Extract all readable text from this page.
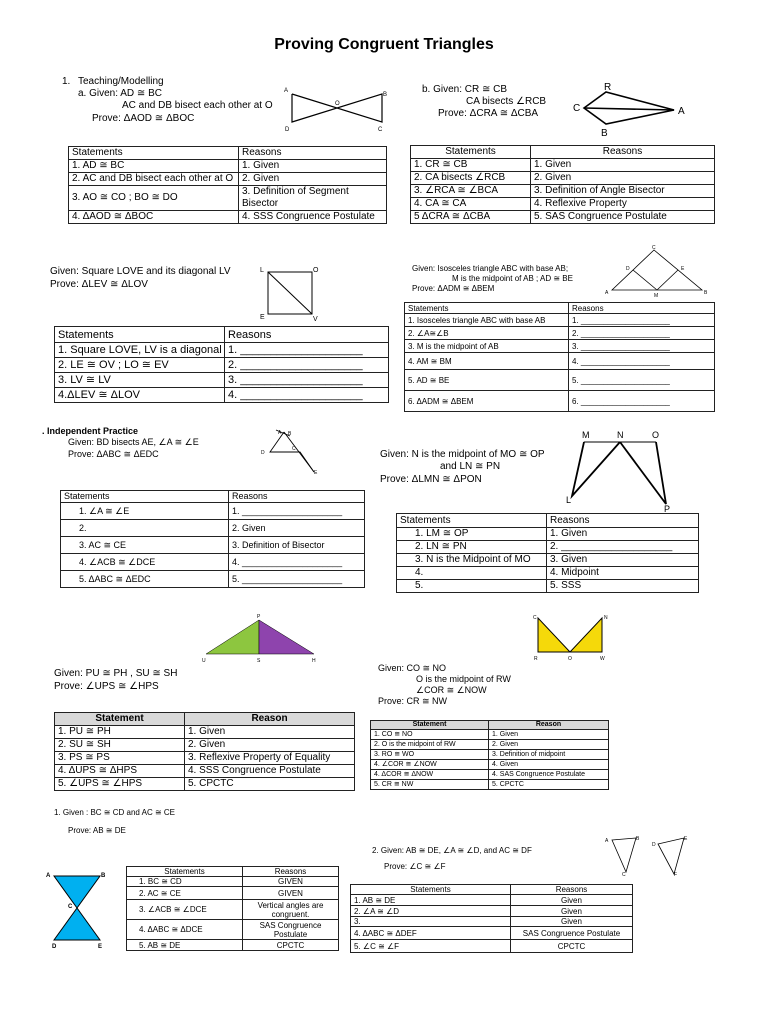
Proving Congruent Triangles
1. Teaching/Modelling
a. Given: AD ≅ BC
AC and DB bisect each other at O
Prove: ΔAOD ≅ ΔBOC
A
B
O
D	C
Statements	Reasons
1. AD ≅ BC	1. Given
2. AC and DB bisect each other at O	2. Given
3. AO ≅ CO ; BO ≅ DO	3. Definition of Segment Bisector
4. ΔAOD ≅ ΔBOC	4. SSS Congruence Postulate
b. Given: CR ≅ CB
CA bisects ∠RCB
Prove: ΔCRA ≅ ΔCBA
R
C	A
B
Statements	Reasons
1. CR ≅ CB	1. Given
2. CA bisects ∠RCB	2. Given
3. ∠RCA ≅ ∠BCA	3. Definition of Angle Bisector
4. CA ≅ CA	4. Reflexive Property
5 ΔCRA ≅ ΔCBA	5. SAS Congruence Postulate
Given: Square LOVE and its diagonal LV
Prove: ΔLEV ≅ ΔLOV
L	O
E	V
Statements	Reasons
1. Square LOVE, LV is a diagonal	1. ____________________
2. LE ≅ OV ; LO ≅ EV	2. ____________________
3. LV ≅ LV	3. ____________________
4.ΔLEV ≅ ΔLOV	4. ____________________
Given: Isosceles triangle ABC with base AB;
M is the midpoint of AB ; AD ≅ BE
Prove: ΔADM ≅ ΔBEM
C
A
D	E
M	B
Statements	Reasons
1. Isosceles triangle ABC with base AB	1. ____________________
2. ∠A≅∠B	2. ____________________
3. M is the midpoint of AB	3. ____________________
4. AM ≅ BM	4. ____________________
5. AD ≅ BE	5. ____________________
6. ΔADM ≅ ΔBEM	6. ____________________
. Independent Practice
Given: BD bisects AE, ∠A ≅ ∠E
Prove: ΔABC ≅ ΔEDC
A B
C
D
E
Statements	Reasons
1. ∠A ≅ ∠E	1. ____________________
2.	2. Given
3. AC ≅ CE	3. Definition of Bisector
4. ∠ACB ≅ ∠DCE	4. ____________________
5. ΔABC ≅ ΔEDC	5. ____________________
Given: N is the midpoint of MO ≅ OP
and LN ≅ PN
Prove: ΔLMN ≅ ΔPON
M	N	O
L
P
Statements	Reasons
1. LM ≅ OP	1. Given
2. LN ≅ PN	2. ____________________
3. N is the Midpoint of MO	3. Given
4.	4. Midpoint
5.	5. SSS
P
U	S	H
Given: PU ≅ PH , SU ≅ SH
Prove: ∠UPS ≅ ∠HPS
Statement	Reason
1. PU ≅ PH	1. Given
2. SU ≅ SH	2. Given
3. PS ≅ PS	3. Reflexive Property of Equality
4. ΔUPS ≅ ΔHPS	4. SSS Congruence Postulate
5. ∠UPS ≅ ∠HPS	5. CPCTC
C	N
R	O	W
Given: CO ≅ NO
O is the midpoint of RW
∠COR ≅ ∠NOW
Prove: CR ≅ NW
Statement	Reason
1. CO ≅ NO	1. Given
2. O is the midpoint of RW	2. Given
3. RO ≅ WO	3. Definition of midpoint
4. ∠COR ≅ ∠NOW	4. Given
4. ΔCOR ≅ ΔNOW	4. SAS Congruence Postulate
5. CR ≅ NW	5. CPCTC
1. Given : BC ≅ CD and AC ≅ CE
Prove: AB ≅ DE
A	B
C
D	E
Statements	Reasons
1. BC ≅ CD	GIVEN
2. AC ≅ CE	GIVEN
3. ∠ACB ≅ ∠DCE	Vertical angles are congruent.
4. ΔABC ≅ ΔDCE	SAS Congruence Postulate
5. AB ≅ DE	CPCTC
2. Given: AB ≅ DE, ∠A ≅ ∠D, and AC ≅ DF
Prove: ∠C ≅ ∠F
A	B
C
D
E
F
Statements	Reasons
1. AB ≅ DE	Given
2. ∠A ≅ ∠D	Given
3.	Given
4. ΔABC ≅ ΔDEF	SAS Congruence Postulate
5. ∠C ≅ ∠F	CPCTC
